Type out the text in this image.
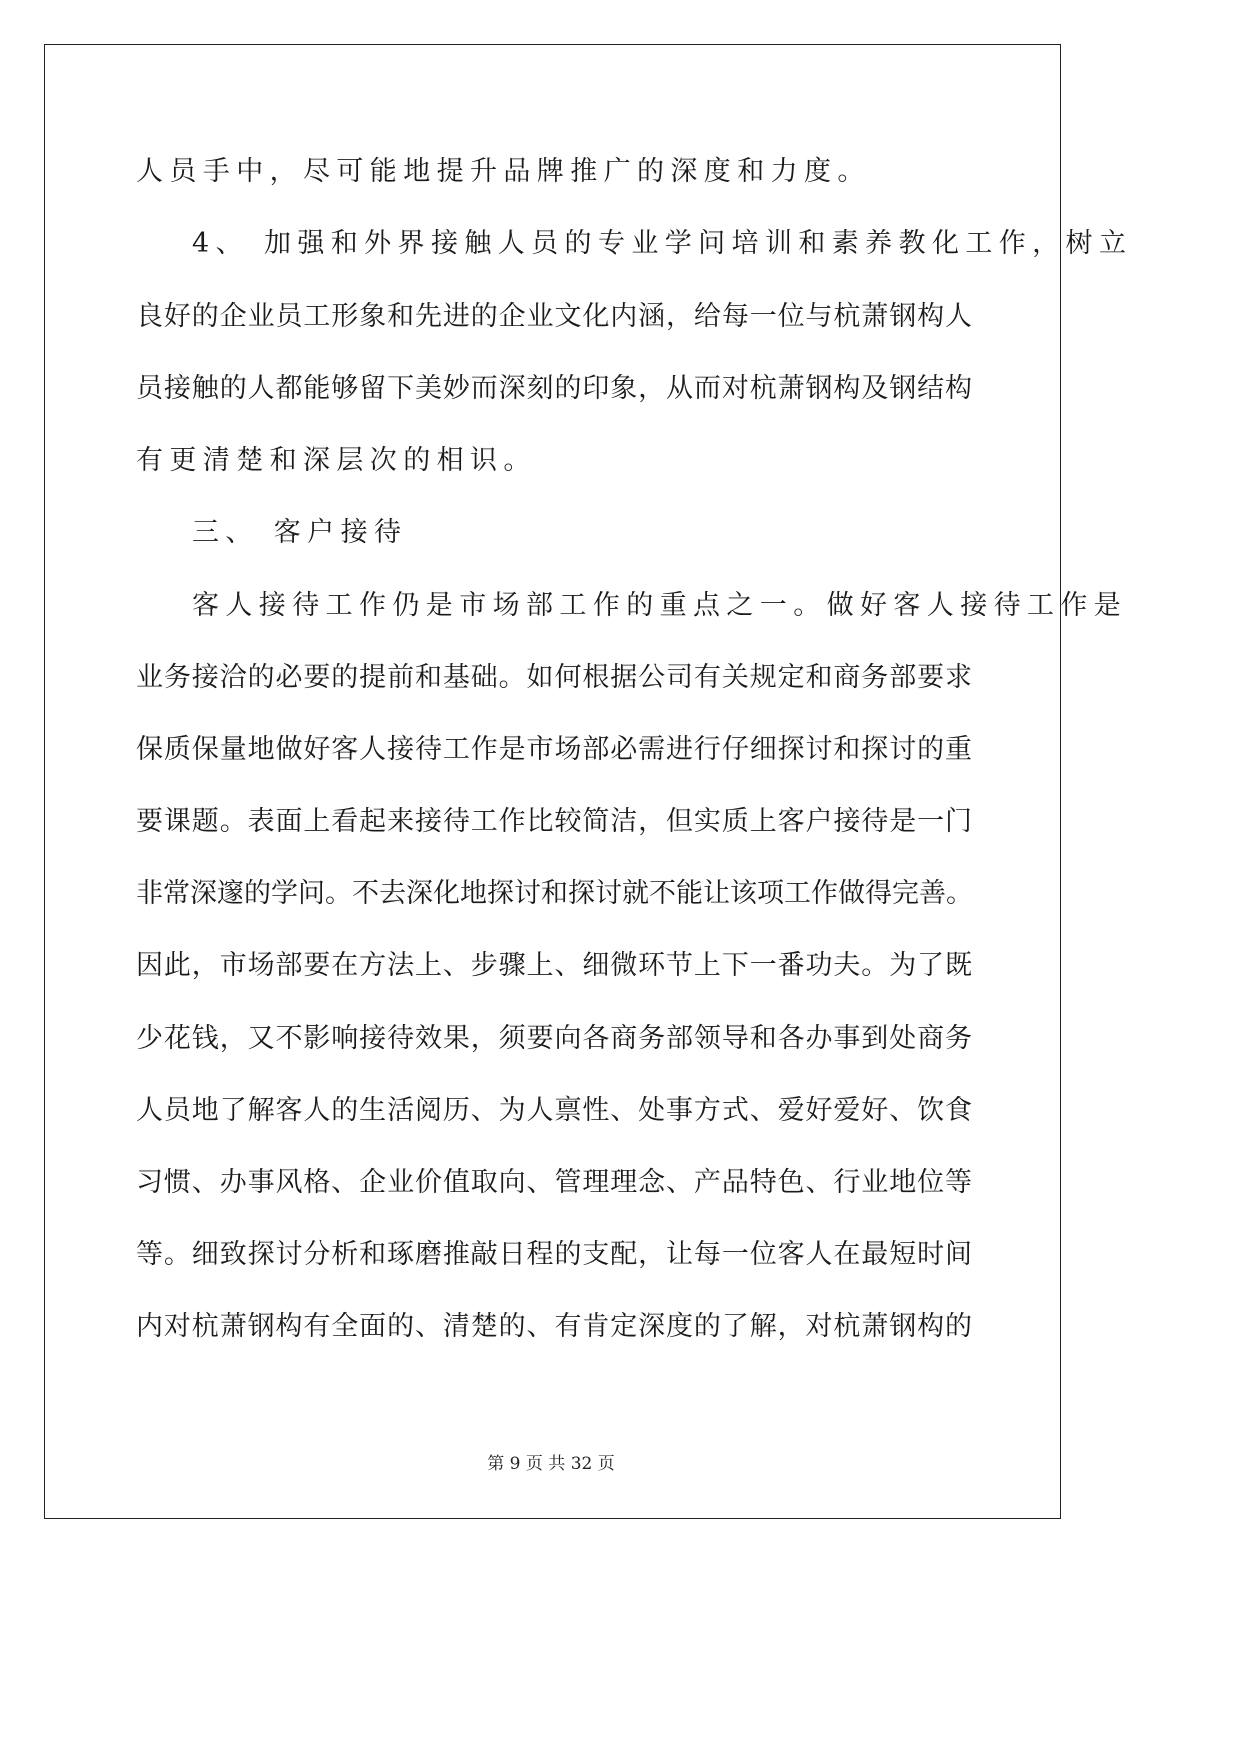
人员手中，尽可能地提升品牌推广的深度和力度。
4、 加强和外界接触人员的专业学问培训和素养教化工作，树立
良好的企业员工形象和先进的企业文化内涵，给每一位与杭萧钢构人
员接触的人都能够留下美妙而深刻的印象，从而对杭萧钢构及钢结构
有更清楚和深层次的相识。
三、 客户接待
客人接待工作仍是市场部工作的重点之一。做好客人接待工作是
业务接洽的必要的提前和基础。如何根据公司有关规定和商务部要求
保质保量地做好客人接待工作是市场部必需进行仔细探讨和探讨的重
要课题。表面上看起来接待工作比较简洁，但实质上客户接待是一门
非常深邃的学问。不去深化地探讨和探讨就不能让该项工作做得完善。
因此，市场部要在方法上、步骤上、细微环节上下一番功夫。为了既
少花钱，又不影响接待效果，须要向各商务部领导和各办事到处商务
人员地了解客人的生活阅历、为人禀性、处事方式、爱好爱好、饮食
习惯、办事风格、企业价值取向、管理理念、产品特色、行业地位等
等。细致探讨分析和琢磨推敲日程的支配，让每一位客人在最短时间
内对杭萧钢构有全面的、清楚的、有肯定深度的了解，对杭萧钢构的
第 9 页 共 32 页
